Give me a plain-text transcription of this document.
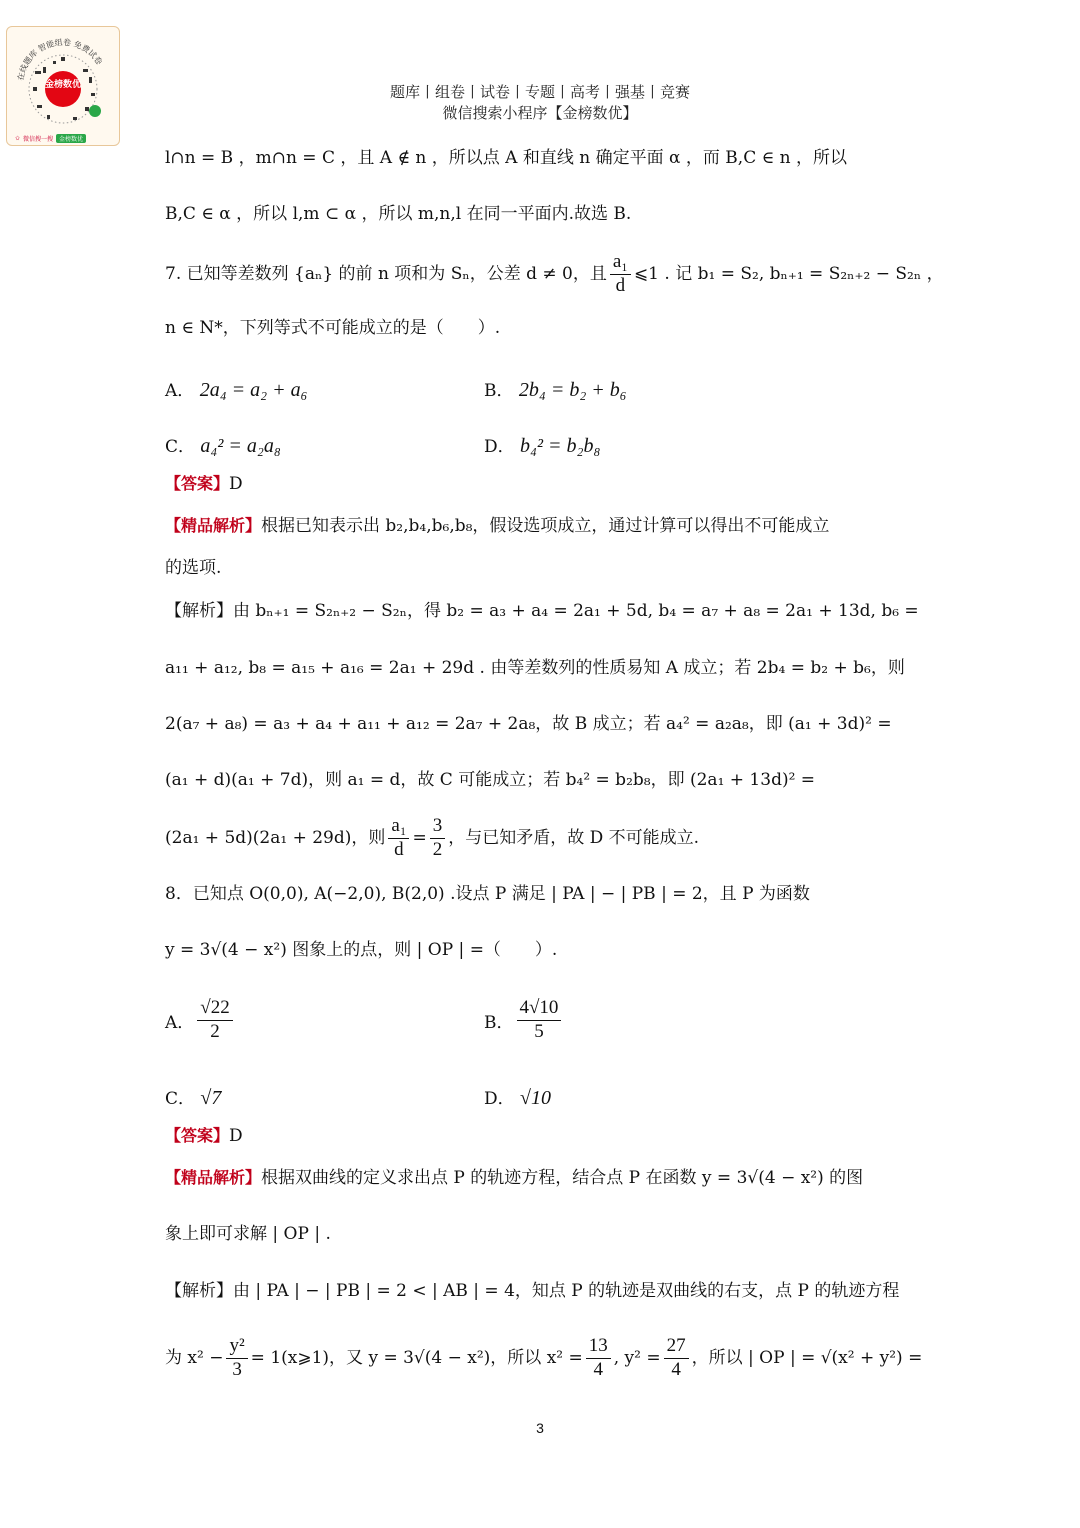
在线题库 智能组卷 免费试卷
金榜数优
✩ 微信搜一搜	金榜数优
题库丨组卷丨试卷丨专题丨高考丨强基丨竞赛
微信搜索小程序【金榜数优】
l∩n = B ，m∩n = C ，且 A ∉ n ，所以点 A 和直线 n 确定平面 α ，而 B,C ∈ n ，所以
B,C ∈ α ，所以 l,m ⊂ α ，所以 m,n,l 在同一平面内.故选 B.
7. 已知等差数列 {aₙ} 的前 n 项和为 Sₙ，公差 d ≠ 0，且 $\frac{\text{a₁}}{d}$ ⩽1 . 记 b₁ = S₂, bₙ₊₁ = S₂ₙ₊₂ − S₂ₙ ，
n ∈ N*，下列等式不可能成立的是（　　）.
A． 2a₄ = a₂ + a₆	B． 2b₄ = b₂ + b₆
C． a₄² = a₂a₈	D． b₄² = b₂b₈
【答案】D
【精品解析】根据已知表示出 b₂,b₄,b₆,b₈，假设选项成立，通过计算可以得出不可能成立
的选项.
【解析】由 bₙ₊₁ = S₂ₙ₊₂ − S₂ₙ，得 b₂ = a₃ + a₄ = 2a₁ + 5d, b₄ = a₇ + a₈ = 2a₁ + 13d, b₆ =
a₁₁ + a₁₂, b₈ = a₁₅ + a₁₆ = 2a₁ + 29d . 由等差数列的性质易知 A 成立；若 2b₄ = b₂ + b₆，则
2(a₇ + a₈) = a₃ + a₄ + a₁₁ + a₁₂ = 2a₇ + 2a₈，故 B 成立；若 a₄² = a₂a₈，即 (a₁ + 3d)² =
(a₁ + d)(a₁ + 7d)，则 a₁ = d，故 C 可能成立；若 b₄² = b₂b₈，即 (2a₁ + 13d)² =
(2a₁ + 5d)(2a₁ + 29d)，则 $\frac{\text{a₁}}{d} = \frac{3}{2}$ ，与已知矛盾，故 D 不可能成立.
8．已知点 O(0,0), A(−2,0), B(2,0) .设点 P 满足 | PA | − | PB | = 2，且 P 为函数
y = 3√(4 − x²) 图象上的点，则 | OP | =（　　）.
A． $\frac{√22}{2}$	B． $\frac{4√10}{5}$
C． √7	D． √10
【答案】D
【精品解析】根据双曲线的定义求出点 P 的轨迹方程，结合点 P 在函数 y = 3√(4 − x²) 的图
象上即可求解 | OP | .
【解析】由 | PA | − | PB | = 2 < | AB | = 4，知点 P 的轨迹是双曲线的右支，点 P 的轨迹方程
为 $x^2 - \frac{\text{y²}}{3}$ = 1(x⩾1)，又 y = 3√(4 − x²)，所以 $x^2 = \frac{13}{4}$ , $y^2 = \frac{27}{4}$ ，所以 | OP | = √(x² + y²) =
3
